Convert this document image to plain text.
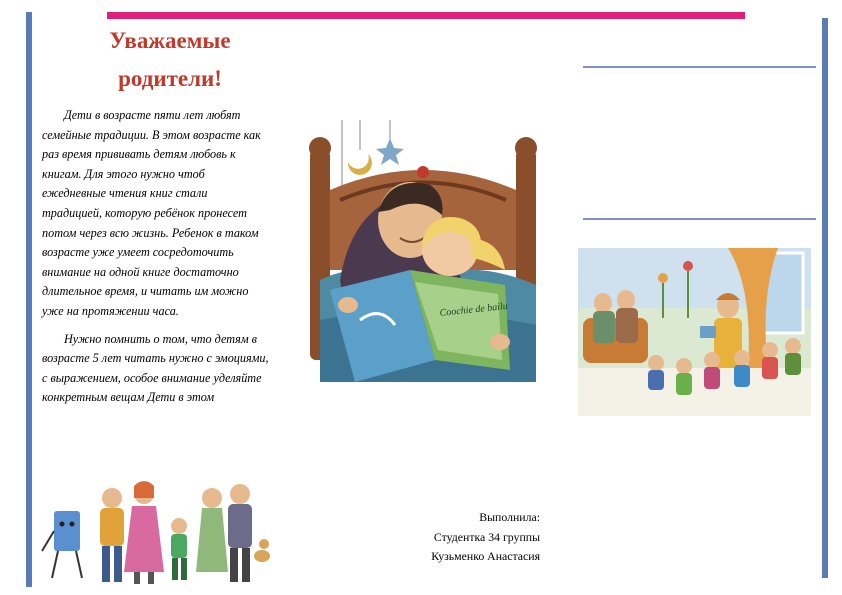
Уважаемые
родители!

Дети в возрасте пяти лет любят семейные традиции. В этом возрасте как раз время прививать детям любовь к книгам. Для этого нужно чтоб ежедневные чтения книг стали традицией, которую ребёнок пронесет потом через всю жизнь. Ребенок в таком возрасте уже умеет сосредоточить внимание на одной книге достаточно длительное время, и читать им можно уже на протяжении часа.

Нужно помнить о том, что детям в возрасте 5 лет читать нужно с эмоциями, с выражением, особое внимание уделяйте конкретным вещам Дети в этом

Coochie de bailu
Выполнила:
Студентка 34 группы
Кузьменко Анастасия
